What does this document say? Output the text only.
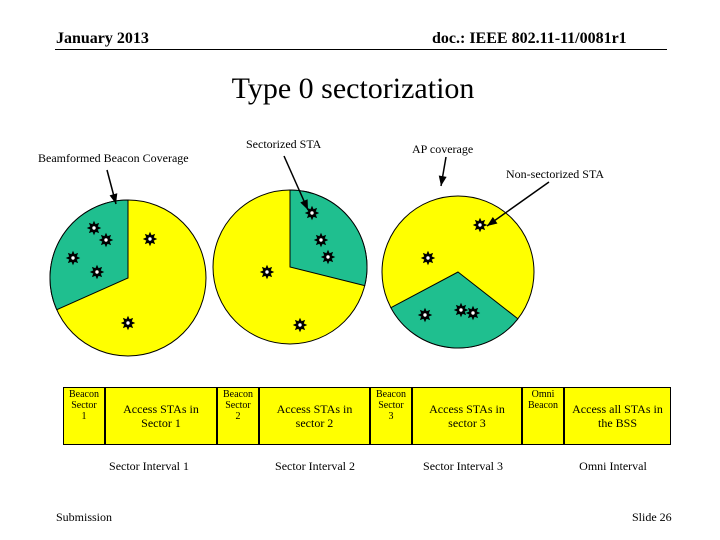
January 2013	doc.: IEEE 802.11-11/0081r1
Type 0 sectorization
Beamformed Beacon Coverage
Sectorized STA	AP coverage
Non-sectorized STA
Beacon
Sector
1
Access STAs in
Sector 1
Beacon
Sector
2
Access STAs in
sector 2
Beacon
Sector
3
Access STAs in
sector 3
Omni
Beacon	Access all STAs in
the BSS
Sector Interval 1	Sector Interval 2	Sector Interval 3	Omni Interval
Submission	Slide 26
